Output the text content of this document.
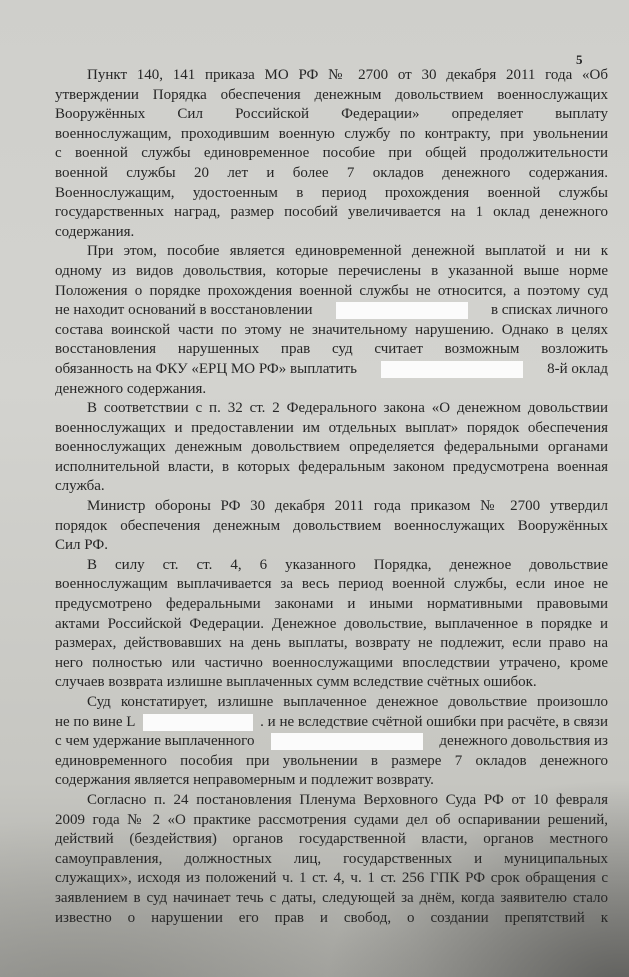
5
Пункт 140, 141 приказа МО РФ № 2700 от 30 декабря 2011 года «Об
утверждении Порядка обеспечения денежным довольствием военнослужащих
Вооружённых Сил Российской Федерации» определяет выплату
военнослужащим, проходившим военную службу по контракту, при увольнении
с военной службы единовременное пособие при общей продолжительности
военной службы 20 лет и более 7 окладов денежного содержания.
Военнослужащим, удостоенным в период прохождения военной службы
государственных наград, размер пособий увеличивается на 1 оклад денежного
содержания.
При этом, пособие является единовременной денежной выплатой и ни к
одному из видов довольствия, которые перечислены в указанной выше норме
Положения о порядке прохождения военной службы не относится, а поэтому суд
не находит оснований в восстановлении	в списках личного
состава воинской части по этому не значительному нарушению. Однако в целях
восстановления нарушенных прав суд считает возможным возложить
обязанность на ФКУ «ЕРЦ МО РФ» выплатить	8-й оклад
денежного содержания.
В соответствии с п. 32 ст. 2 Федерального закона «О денежном довольствии
военнослужащих и предоставлении им отдельных выплат» порядок обеспечения
военнослужащих денежным довольствием определяется федеральными органами
исполнительной власти, в которых федеральным законом предусмотрена военная
служба.
Министр обороны РФ 30 декабря 2011 года приказом № 2700 утвердил
порядок обеспечения денежным довольствием военнослужащих Вооружённых
Сил РФ.
В силу ст. ст. 4, 6 указанного Порядка, денежное довольствие
военнослужащим выплачивается за весь период военной службы, если иное не
предусмотрено федеральными законами и иными нормативными правовыми
актами Российской Федерации. Денежное довольствие, выплаченное в порядке и
размерах, действовавших на день выплаты, возврату не подлежит, если право на
него полностью или частично военнослужащими впоследствии утрачено, кроме
случаев возврата излишне выплаченных сумм вследствие счётных ошибок.
Суд констатирует, излишне выплаченное денежное довольствие произошло
не по вине L	. и не вследствие счётной ошибки при расчёте, в связи
с чем удержание выплаченного	денежного довольствия из
единовременного пособия при увольнении в размере 7 окладов денежного
содержания является неправомерным и подлежит возврату.
Согласно п. 24 постановления Пленума Верховного Суда РФ от 10 февраля
2009 года № 2 «О практике рассмотрения судами дел об оспаривании решений,
действий (бездействия) органов государственной власти, органов местного
самоуправления, должностных лиц, государственных и муниципальных
служащих», исходя из положений ч. 1 ст. 4, ч. 1 ст. 256 ГПК РФ срок обращения с
заявлением в суд начинает течь с даты, следующей за днём, когда заявителю стало
известно о нарушении его прав и свобод, о создании препятствий к
